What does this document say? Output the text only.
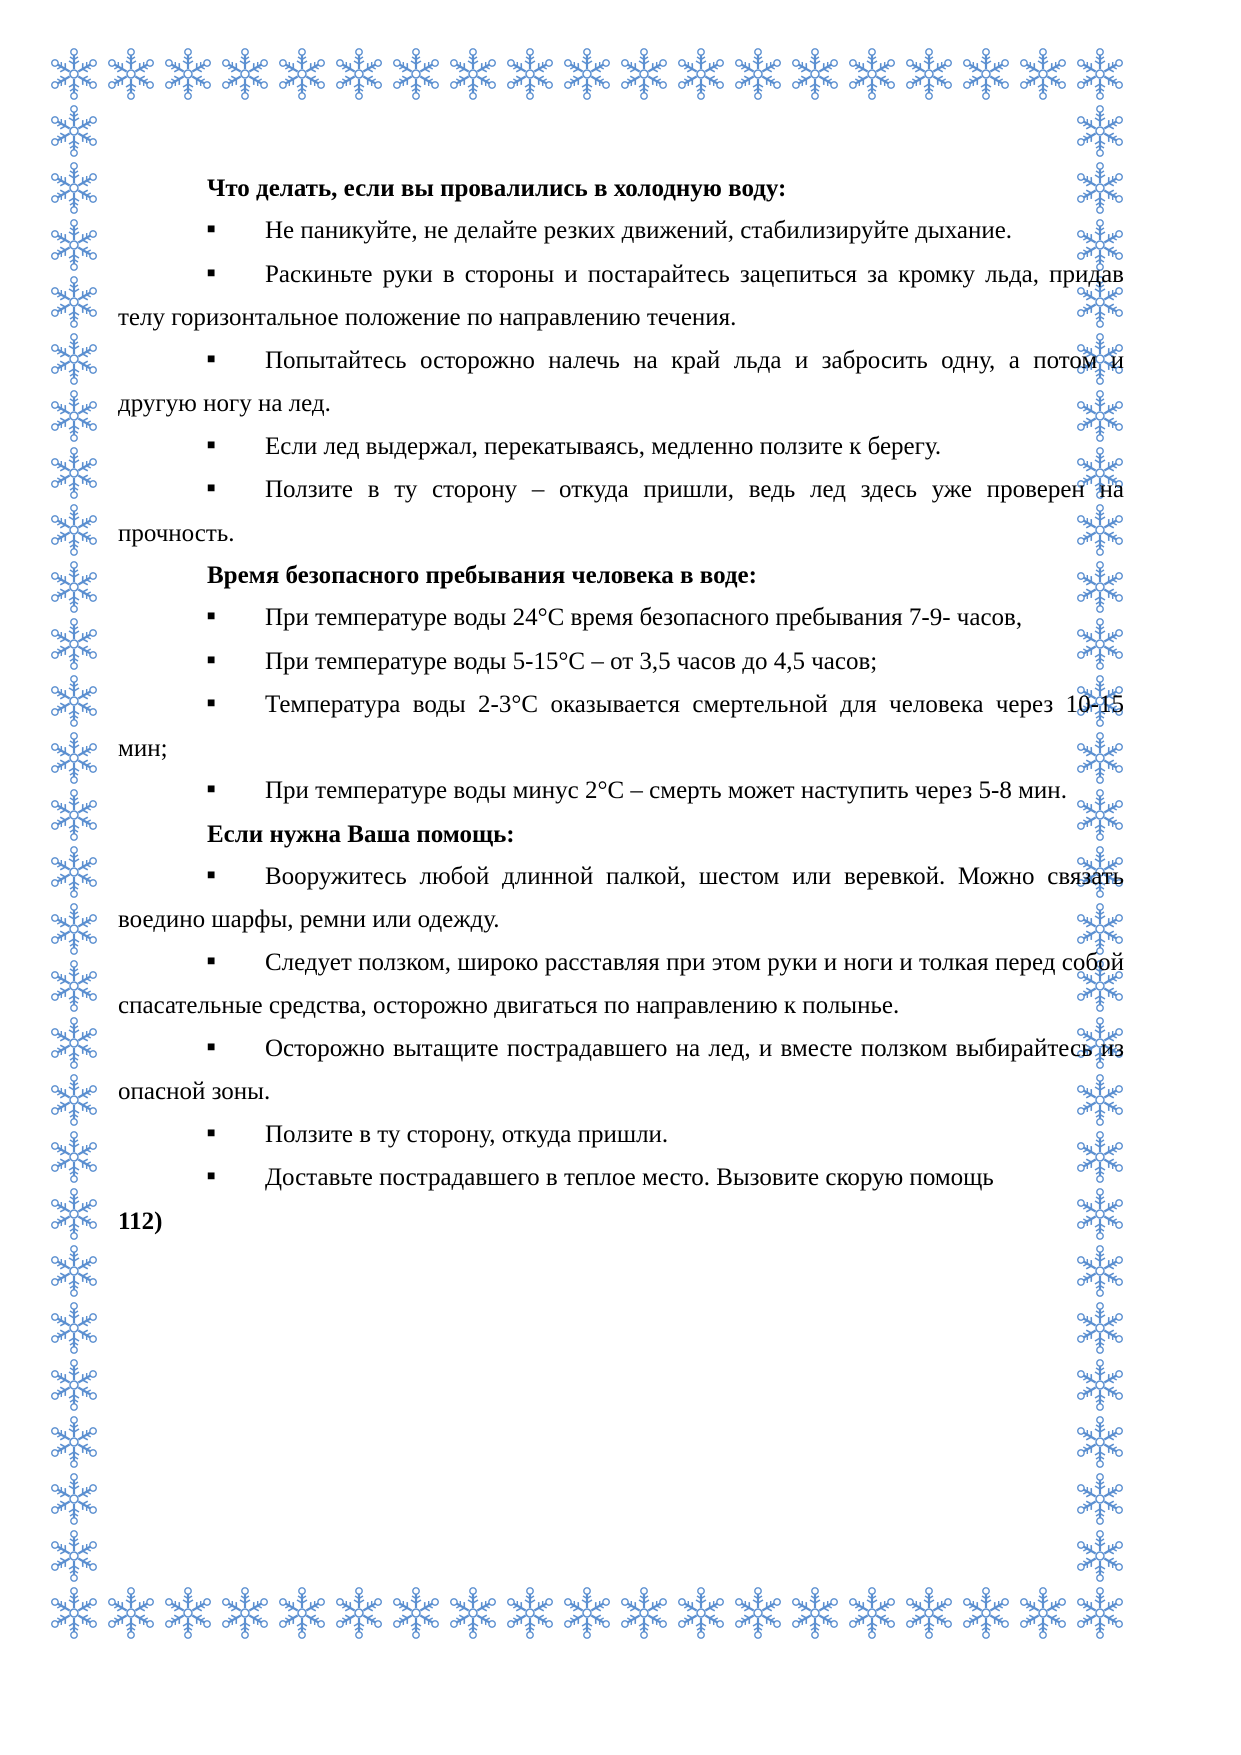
Что делать, если вы провалились в холодную воду:

■ Не паникуйте, не делайте резких движений, стабилизируйте дыхание.

■ Раскиньте руки в стороны и постарайтесь зацепиться за кромку льда, придав телу горизонтальное положение по направлению течения.

■ Попытайтесь осторожно налечь на край льда и забросить одну, а потом и другую ногу на лед.

■ Если лед выдержал, перекатываясь, медленно ползите к берегу.

■ Ползите в ту сторону – откуда пришли, ведь лед здесь уже проверен на прочность.

Время безопасного пребывания человека в воде:

■ При температуре воды 24°С время безопасного пребывания 7-9- часов,

■ При температуре воды 5-15°С – от 3,5 часов до 4,5 часов;

■ Температура воды 2-3°С оказывается смертельной для человека через 10-15 мин;

■ При температуре воды минус 2°С – смерть может наступить через 5-8 мин.

Если нужна Ваша помощь:

■ Вооружитесь любой длинной палкой, шестом или веревкой. Можно связать воедино шарфы, ремни или одежду.

■ Следует ползком, широко расставляя при этом руки и ноги и толкая перед собой спасательные средства, осторожно двигаться по направлению к полынье.

■ Осторожно вытащите пострадавшего на лед, и вместе ползком выбирайтесь из опасной зоны.

■ Ползите в ту сторону, откуда пришли.

■ Доставьте пострадавшего в теплое место. Вызовите скорую помощь

112)
